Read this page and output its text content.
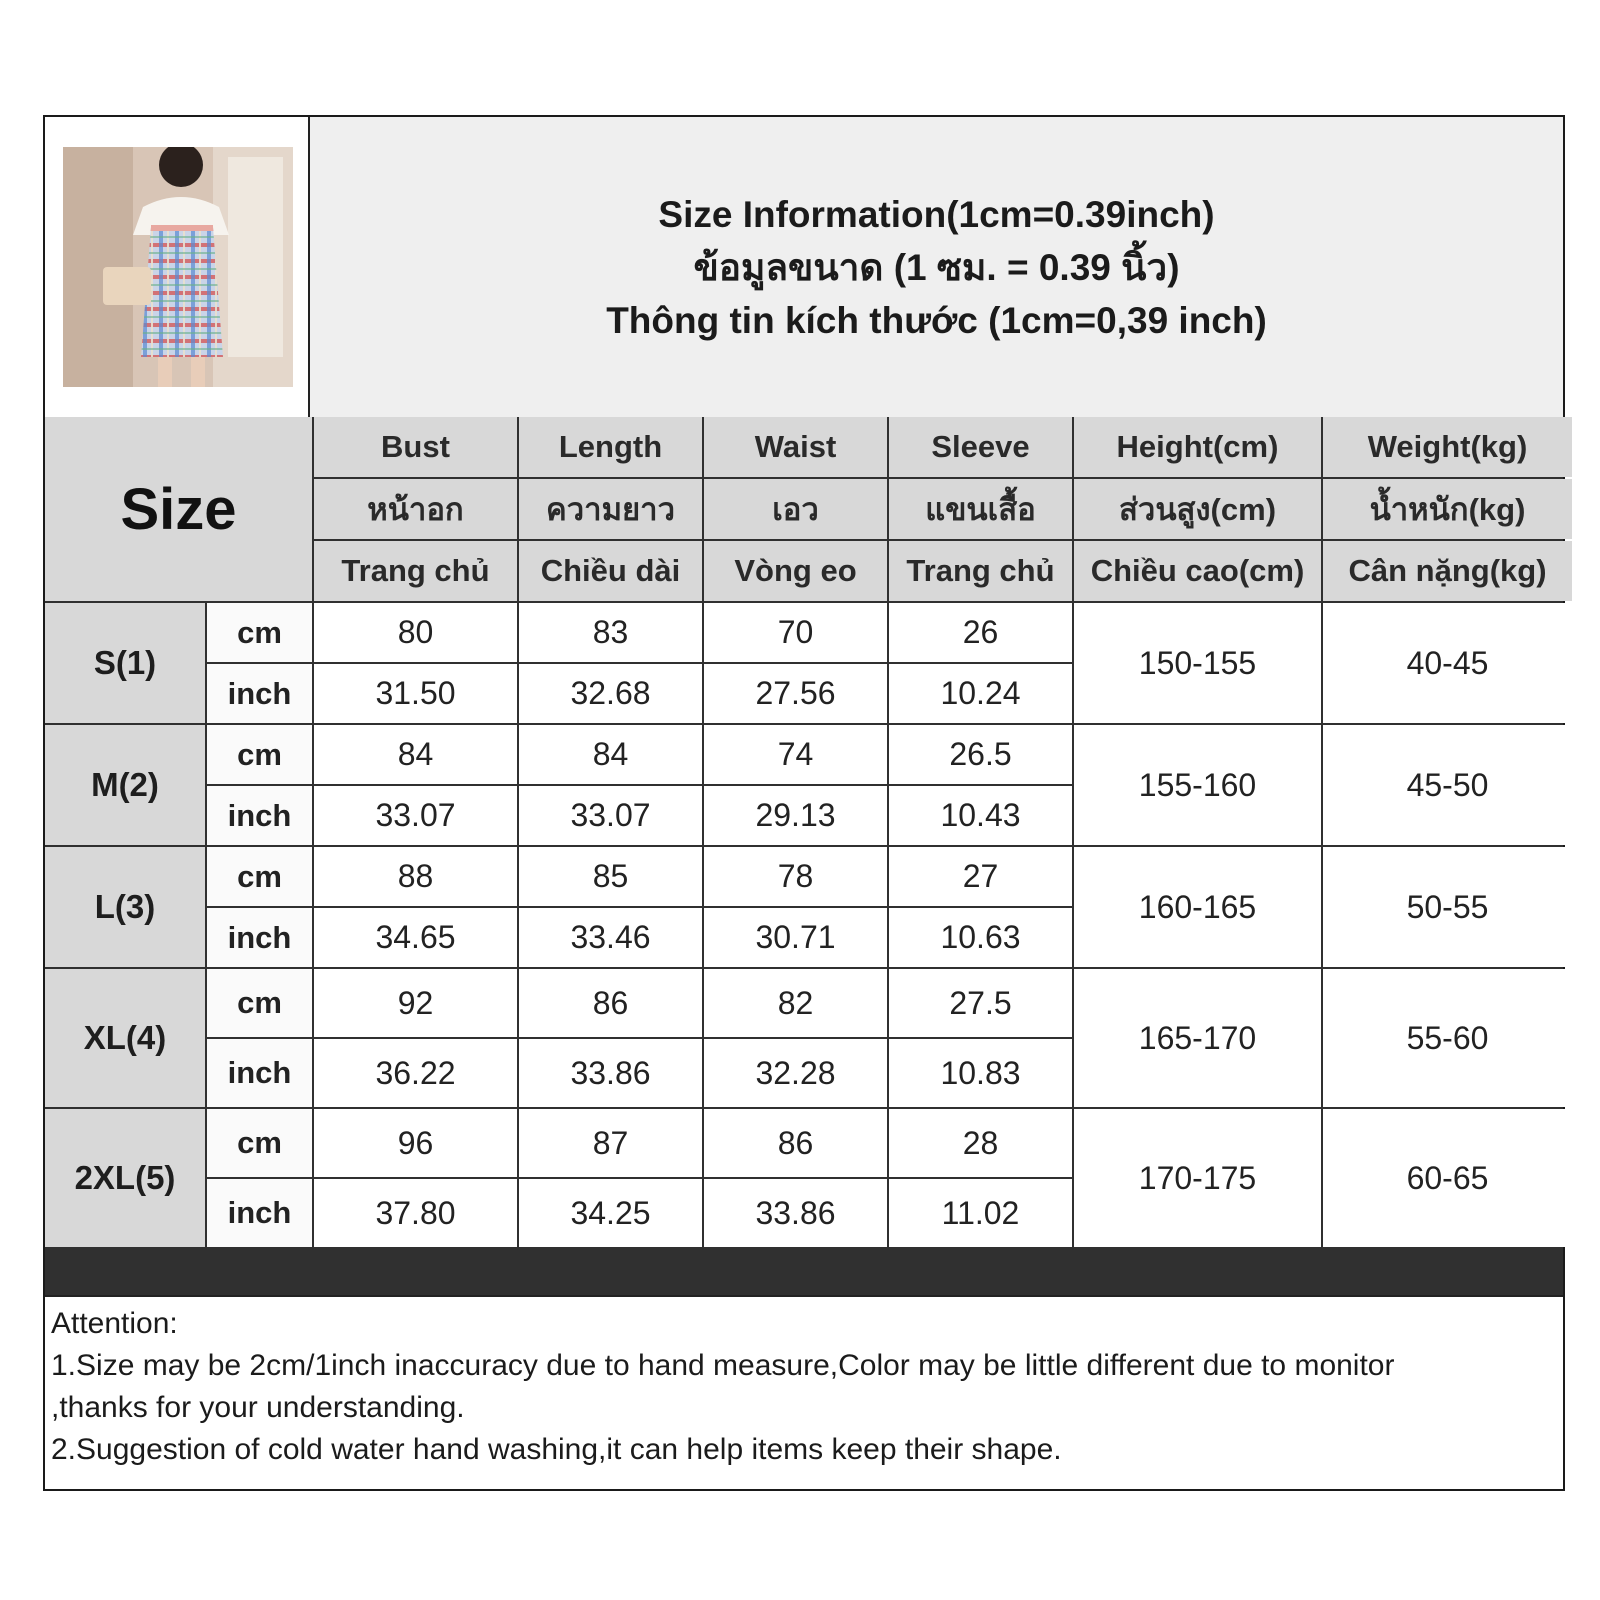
Size Information(1cm=0.39inch)
ข้อมูลขนาด (1 ซม. = 0.39 นิ้ว)
Thông tin kích thước (1cm=0,39 inch)
Size
Bust	Length	Waist	Sleeve	Height(cm)	Weight(kg)
หน้าอก	ความยาว	เอว	แขนเสื้อ	ส่วนสูง(cm)	น้ำหนัก(kg)
Trang chủ	Chiều dài	Vòng eo	Trang chủ	Chiều cao(cm)	Cân nặng(kg)
S(1)
cm	80	83	70	26
150-155	40-45
inch	31.50	32.68	27.56	10.24
M(2)
cm	84	84	74	26.5
155-160	45-50
inch	33.07	33.07	29.13	10.43
L(3)
cm	88	85	78	27
160-165	50-55
inch	34.65	33.46	30.71	10.63
XL(4)
cm	92	86	82	27.5
165-170	55-60
inch	36.22	33.86	32.28	10.83
2XL(5)
cm	96	87	86	28
170-175	60-65
inch	37.80	34.25	33.86	11.02
Attention:
1.Size may be 2cm/1inch inaccuracy due to hand measure,Color may be little different due to monitor
,thanks for your understanding.
2.Suggestion of cold water hand washing,it can help items keep their shape.
